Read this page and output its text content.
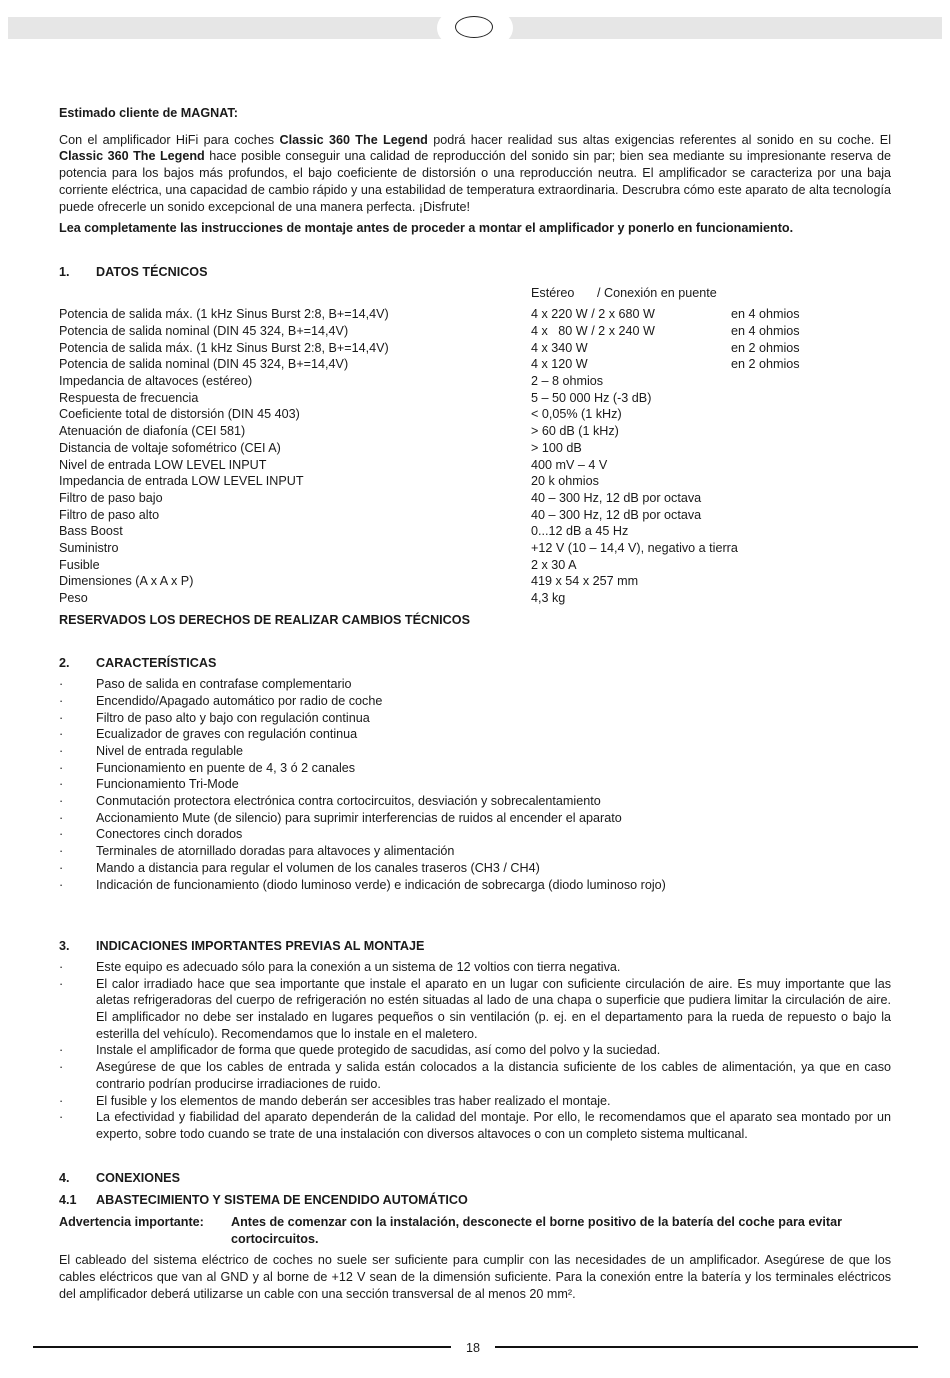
Estimado cliente de MAGNAT:

Con el amplificador HiFi para coches Classic 360 The Legend podrá hacer realidad sus altas exigencias referentes al sonido en su coche. El Classic 360 The Legend hace posible conseguir una calidad de reproducción del sonido sin par; bien sea mediante su impresionante reserva de potencia para los bajos más profundos, el bajo coeficiente de distorsión o una reproducción neutra. El amplificador se caracteriza por una baja corriente eléctrica, una capacidad de cambio rápido y una estabilidad de temperatura extraordinaria. Descrubra cómo este aparato de alta tecnología puede ofrecerle un sonido excepcional de una manera perfecta. ¡Disfrute!

Lea completamente las instrucciones de montaje antes de proceder a montar el amplificador y ponerlo en funcionamiento.

1. DATOS TÉCNICOS
Estéreo / Conexión en puente
Potencia de salida máx. (1 kHz Sinus Burst 2:8, B+=14,4V)	4 x 220 W / 2 x 680 W	en 4 ohmios
Potencia de salida nominal (DIN 45 324, B+=14,4V)	4 x   80 W / 2 x 240 W	en 4 ohmios
Potencia de salida máx. (1 kHz Sinus Burst 2:8, B+=14,4V)	4 x 340 W	en 2 ohmios
Potencia de salida nominal (DIN 45 324, B+=14,4V)	4 x 120 W	en 2 ohmios
Impedancia de altavoces (estéreo)	2 – 8 ohmios
Respuesta de frecuencia	5 – 50 000 Hz (-3 dB)
Coeficiente total de distorsión (DIN 45 403)	< 0,05% (1 kHz)
Atenuación de diafonía (CEI 581)	> 60 dB (1 kHz)
Distancia de voltaje sofométrico (CEI A)	> 100 dB
Nivel de entrada LOW LEVEL INPUT	400 mV – 4 V
Impedancia de entrada LOW LEVEL INPUT	20 k ohmios
Filtro de paso bajo	40 – 300 Hz, 12 dB por octava
Filtro de paso alto	40 – 300 Hz, 12 dB por octava
Bass Boost	0...12 dB a 45 Hz
Suministro	+12 V (10 – 14,4 V), negativo a tierra
Fusible	2 x 30 A
Dimensiones (A x A x P)	419 x 54 x 257 mm
Peso	4,3 kg

RESERVADOS LOS DERECHOS DE REALIZAR CAMBIOS TÉCNICOS

2. CARACTERÍSTICAS
·	Paso de salida en contrafase complementario
·	Encendido/Apagado automático por radio de coche
·	Filtro de paso alto y bajo con regulación continua
·	Ecualizador de graves con regulación continua
·	Nivel de entrada regulable
·	Funcionamiento en puente de 4, 3 ó 2 canales
·	Funcionamiento Tri-Mode
·	Conmutación protectora electrónica contra cortocircuitos, desviación y sobrecalentamiento
·	Accionamiento Mute (de silencio) para suprimir interferencias de ruidos al encender el aparato
·	Conectores cinch dorados
·	Terminales de atornillado doradas para altavoces y alimentación
·	Mando a distancia para regular el volumen de los canales traseros (CH3 / CH4)
·	Indicación de funcionamiento (diodo luminoso verde) e indicación de sobrecarga (diodo luminoso rojo)
3. INDICACIONES IMPORTANTES PREVIAS AL MONTAJE
·	Este equipo es adecuado sólo para la conexión a un sistema de 12 voltios con tierra negativa.
·	El calor irradiado hace que sea importante que instale el aparato en un lugar con suficiente circulación de aire. Es muy importante que las aletas refrigeradoras del cuerpo de refrigeración no estén situadas al lado de una chapa o superficie que pudiera limitar la circulación de aire. El amplificador no debe ser instalado en lugares pequeños o sin ventilación (p. ej. en el departamento para la rueda de repuesto o bajo la esterilla del vehículo). Recomendamos que lo instale en el maletero.
·	Instale el amplificador de forma que quede protegido de sacudidas, así como del polvo y la suciedad.
·	Asegúrese de que los cables de entrada y salida están colocados a la distancia suficiente de los cables de alimentación, ya que en caso contrario podrían producirse irradiaciones de ruido.
·	El fusible y los elementos de mando deberán ser accesibles tras haber realizado el montaje.
·	La efectividad y fiabilidad del aparato dependerán de la calidad del montaje. Por ello, le recomendamos que el aparato sea montado por un experto, sobre todo cuando se trate de una instalación con diversos altavoces o con un completo sistema multicanal.
4. CONEXIONES
4.1 ABASTECIMIENTO Y SISTEMA DE ENCENDIDO AUTOMÁTICO
Advertencia importante: Antes de comenzar con la instalación, desconecte el borne positivo de la batería del coche para evitar cortocircuitos.

El cableado del sistema eléctrico de coches no suele ser suficiente para cumplir con las necesidades de un amplificador. Asegúrese de que los cables eléctricos que van al GND y al borne de +12 V sean de la dimensión suficiente. Para la conexión entre la batería y los terminales eléctricos del amplificador deberá utilizarse un cable con una sección transversal de al menos 20 mm².

18
